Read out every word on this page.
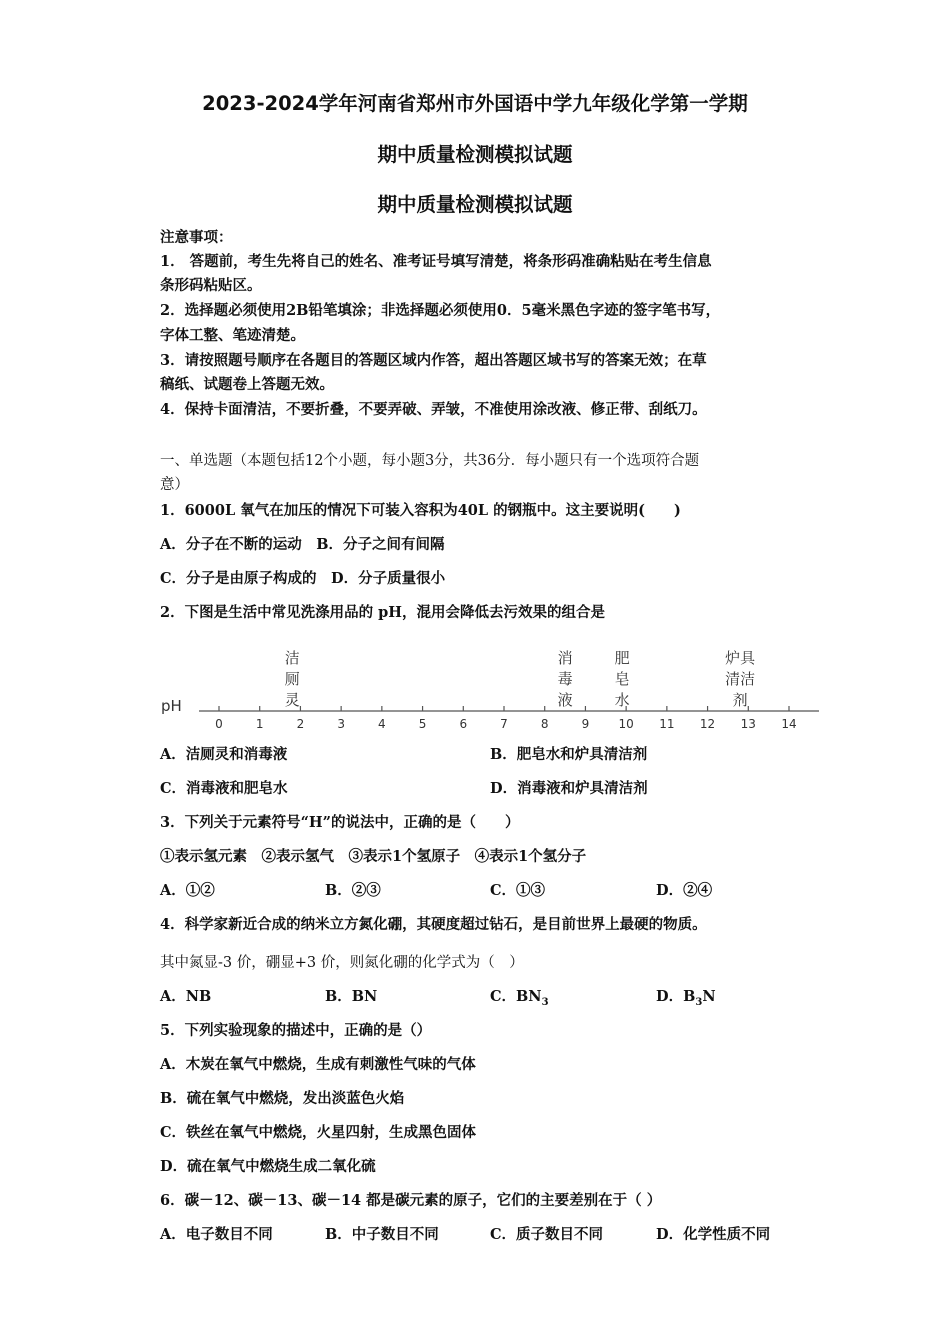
2023-2024学年河南省郑州市外国语中学九年级化学第一学期
期中质量检测模拟试题
期中质量检测模拟试题
注意事项：
1． 答题前，考生先将自己的姓名、准考证号填写清楚，将条形码准确粘贴在考生信息
条形码粘贴区。
2．选择题必须使用2B铅笔填涂；非选择题必须使用0．5毫米黑色字迹的签字笔书写，
字体工整、笔迹清楚。
3．请按照题号顺序在各题目的答题区域内作答，超出答题区域书写的答案无效；在草
稿纸、试题卷上答题无效。
4．保持卡面清洁，不要折叠，不要弄破、弄皱，不准使用涂改液、修正带、刮纸刀。
一、单选题（本题包括12个小题，每小题3分，共36分．每小题只有一个选项符合题
意）
1．6000L 氧气在加压的情况下可装入容积为40L 的钢瓶中。这主要说明(　　)
A．分子在不断的运动　B．分子之间有间隔
C．分子是由原子构成的　D．分子质量很小
2．下图是生活中常见洗涤用品的 pH，混用会降低去污效果的组合是
pH
0	1	2	3	4	5	6	7	8	9 10 11 12 13 14
洁
厕
灵
消
毒
液
肥
皂
水
炉具
清洁
剂
A．洁厕灵和消毒液	B．肥皂水和炉具清洁剂
C．消毒液和肥皂水	D．消毒液和炉具清洁剂
3．下列关于元素符号“H”的说法中，正确的是（　　）
①表示氢元素　②表示氢气　③表示1个氢原子　④表示1个氢分子
A．①②	B．②③	C．①③	D．②④
4．科学家新近合成的纳米立方氮化硼，其硬度超过钻石，是目前世界上最硬的物质。
其中氮显-3 价，硼显+3 价，则氮化硼的化学式为（　）
A．NB	B．BN	C．$BN_3$	D．$B_3N$
5．下列实验现象的描述中，正确的是（）
A．木炭在氧气中燃烧，生成有刺激性气味的气体
B．硫在氧气中燃烧，发出淡蓝色火焰
C．铁丝在氧气中燃烧，火星四射，生成黑色固体
D．硫在氧气中燃烧生成二氧化硫
6．碳－12、碳－13、碳－14 都是碳元素的原子，它们的主要差别在于（ ）
A．电子数目不同	B．中子数目不同	C．质子数目不同	D．化学性质不同
